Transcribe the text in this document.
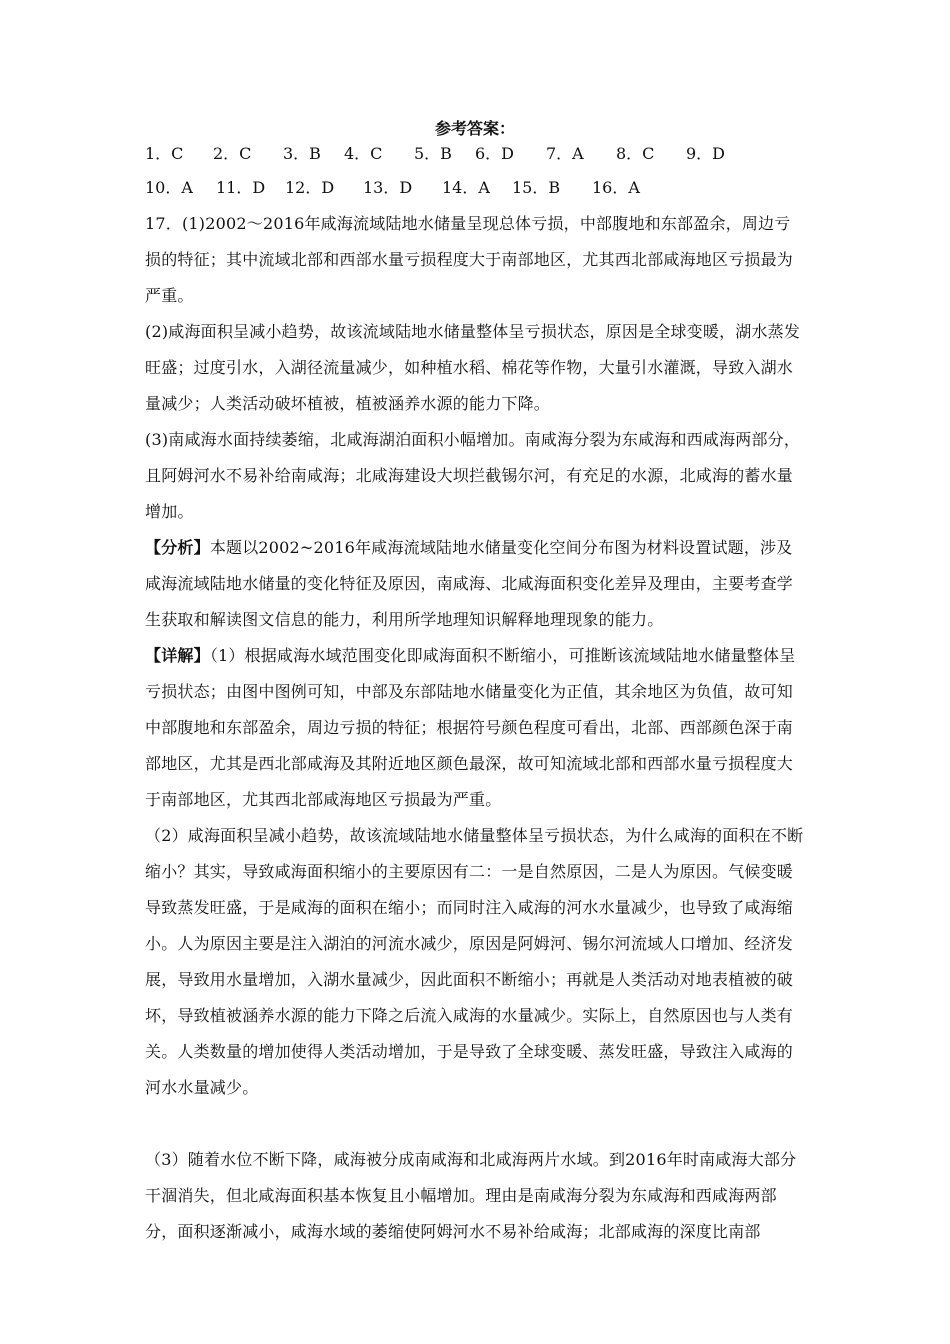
参考答案：
1．C 2．C 3．B 4．C 5．B 6．D 7．A 8．C 9．D
10．A 11．D 12．D 13．D 14．A 15．B 16．A
17．(1)2002～2016年咸海流域陆地水储量呈现总体亏损，中部腹地和东部盈余，周边亏损的特征；其中流域北部和西部水量亏损程度大于南部地区，尤其西北部咸海地区亏损最为严重。
(2)咸海面积呈减小趋势，故该流域陆地水储量整体呈亏损状态，原因是全球变暖，湖水蒸发旺盛；过度引水，入湖径流量减少，如种植水稻、棉花等作物，大量引水灌溉，导致入湖水量减少；人类活动破坏植被，植被涵养水源的能力下降。
(3)南咸海水面持续萎缩，北咸海湖泊面积小幅增加。南咸海分裂为东咸海和西咸海两部分，且阿姆河水不易补给南咸海；北咸海建设大坝拦截锡尔河，有充足的水源，北咸海的蓄水量增加。
【分析】本题以2002~2016年咸海流域陆地水储量变化空间分布图为材料设置试题，涉及咸海流域陆地水储量的变化特征及原因，南咸海、北咸海面积变化差异及理由，主要考查学生获取和解读图文信息的能力，利用所学地理知识解释地理现象的能力。
【详解】（1）根据咸海水域范围变化即咸海面积不断缩小，可推断该流域陆地水储量整体呈亏损状态；由图中图例可知，中部及东部陆地水储量变化为正值，其余地区为负值，故可知中部腹地和东部盈余，周边亏损的特征；根据符号颜色程度可看出，北部、西部颜色深于南部地区，尤其是西北部咸海及其附近地区颜色最深，故可知流域北部和西部水量亏损程度大于南部地区，尤其西北部咸海地区亏损最为严重。
（2）咸海面积呈减小趋势，故该流域陆地水储量整体呈亏损状态，为什么咸海的面积在不断缩小？其实，导致咸海面积缩小的主要原因有二：一是自然原因，二是人为原因。气候变暖导致蒸发旺盛，于是咸海的面积在缩小；而同时注入咸海的河水水量减少，也导致了咸海缩小。人为原因主要是注入湖泊的河流水减少，原因是阿姆河、锡尔河流域人口增加、经济发展，导致用水量增加，入湖水量减少，因此面积不断缩小；再就是人类活动对地表植被的破坏，导致植被涵养水源的能力下降之后流入咸海的水量减少。实际上，自然原因也与人类有关。人类数量的增加使得人类活动增加，于是导致了全球变暖、蒸发旺盛，导致注入咸海的河水水量减少。
（3）随着水位不断下降，咸海被分成南咸海和北咸海两片水域。到2016年时南咸海大部分干涸消失，但北咸海面积基本恢复且小幅增加。理由是南咸海分裂为东咸海和西咸海两部分，面积逐渐减小，咸海水域的萎缩使阿姆河水不易补给咸海；北部咸海的深度比南部
